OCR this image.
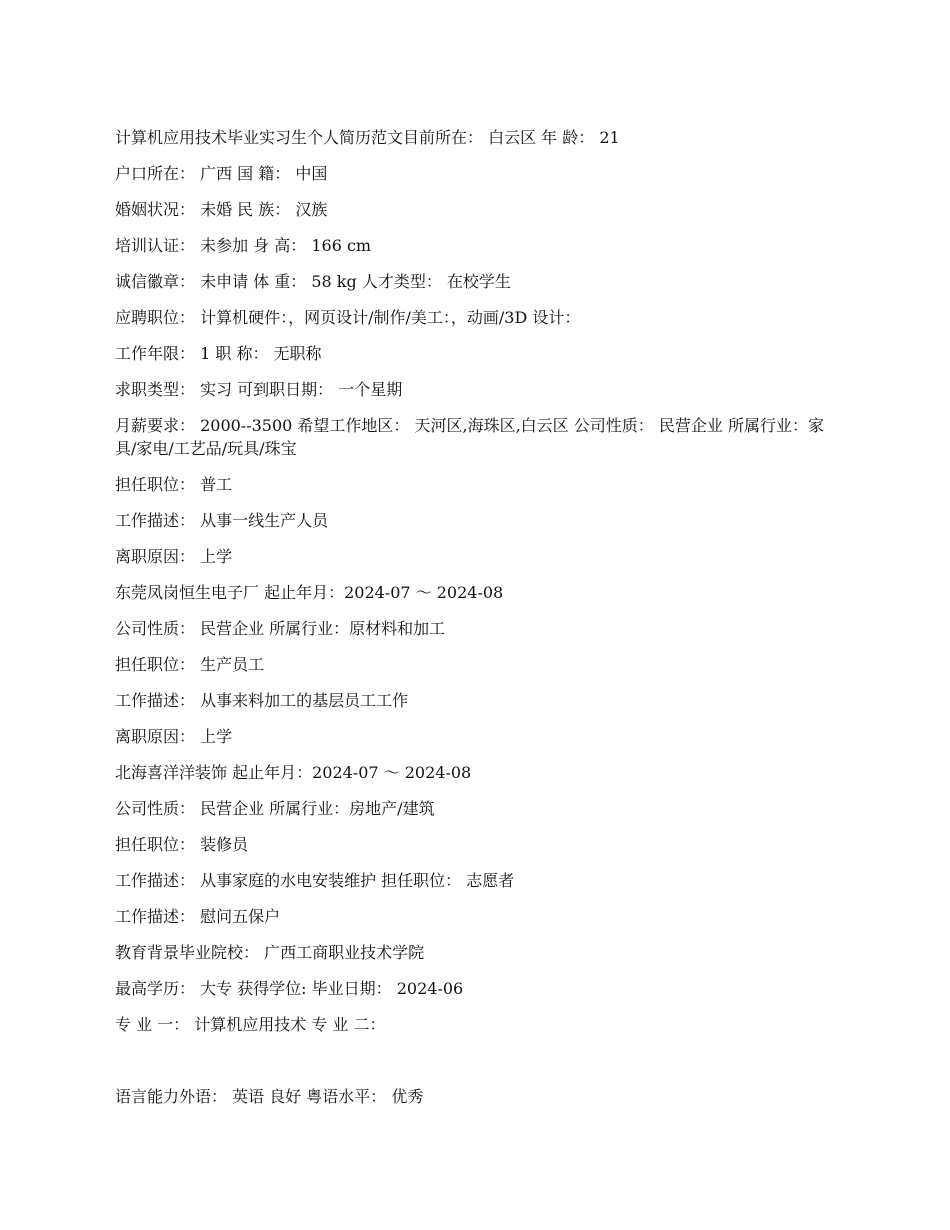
计算机应用技术毕业实习生个人简历范文目前所在： 白云区 年 龄： 21
户口所在： 广西 国 籍： 中国
婚姻状况： 未婚 民 族： 汉族
培训认证： 未参加 身 高： 166 cm
诚信徽章： 未申请 体 重： 58 kg 人才类型： 在校学生
应聘职位： 计算机硬件：，网页设计/制作/美工：，动画/3D 设计：
工作年限： 1 职 称： 无职称
求职类型： 实习 可到职日期： 一个星期
月薪要求： 2000--3500 希望工作地区： 天河区,海珠区,白云区 公司性质： 民营企业 所属行业：家具/家电/工艺品/玩具/珠宝
担任职位： 普工
工作描述： 从事一线生产人员
离职原因： 上学
东莞凤岗恒生电子厂 起止年月：2024-07 ～ 2024-08
公司性质： 民营企业 所属行业：原材料和加工
担任职位： 生产员工
工作描述： 从事来料加工的基层员工工作
离职原因： 上学
北海喜洋洋装饰 起止年月：2024-07 ～ 2024-08
公司性质： 民营企业 所属行业：房地产/建筑
担任职位： 装修员
工作描述： 从事家庭的水电安装维护 担任职位： 志愿者
工作描述： 慰问五保户
教育背景毕业院校： 广西工商职业技术学院
最高学历： 大专 获得学位: 毕业日期： 2024-06
专 业 一： 计算机应用技术 专 业 二：
语言能力外语： 英语 良好 粤语水平： 优秀
